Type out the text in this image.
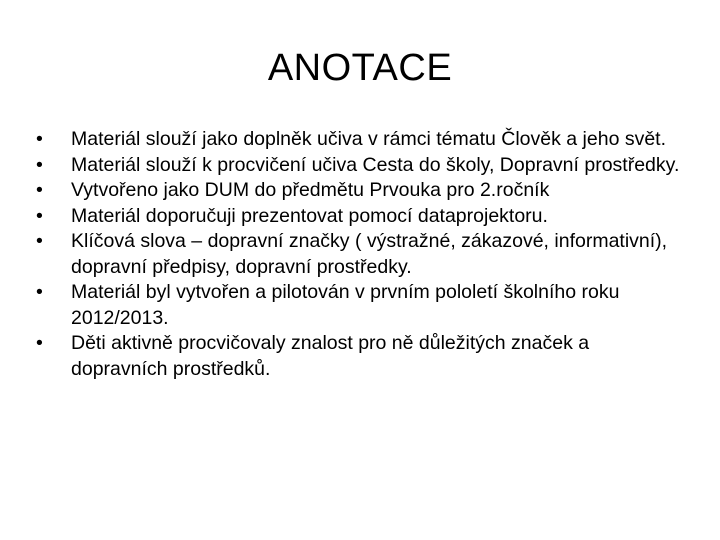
ANOTACE
•	Materiál slouží jako doplněk učiva v rámci tématu Člověk a jeho svět.
•	Materiál slouží k procvičení učiva Cesta do školy, Dopravní prostředky.
•	Vytvořeno jako DUM do předmětu Prvouka pro 2.ročník
•	Materiál doporučuji prezentovat pomocí dataprojektoru.
•	Klíčová slova – dopravní značky ( výstražné, zákazové, informativní), dopravní předpisy, dopravní prostředky.
•	Materiál byl vytvořen a pilotován v prvním pololetí školního roku 2012/2013.
•	Děti aktivně procvičovaly znalost pro ně důležitých značek a dopravních prostředků.
